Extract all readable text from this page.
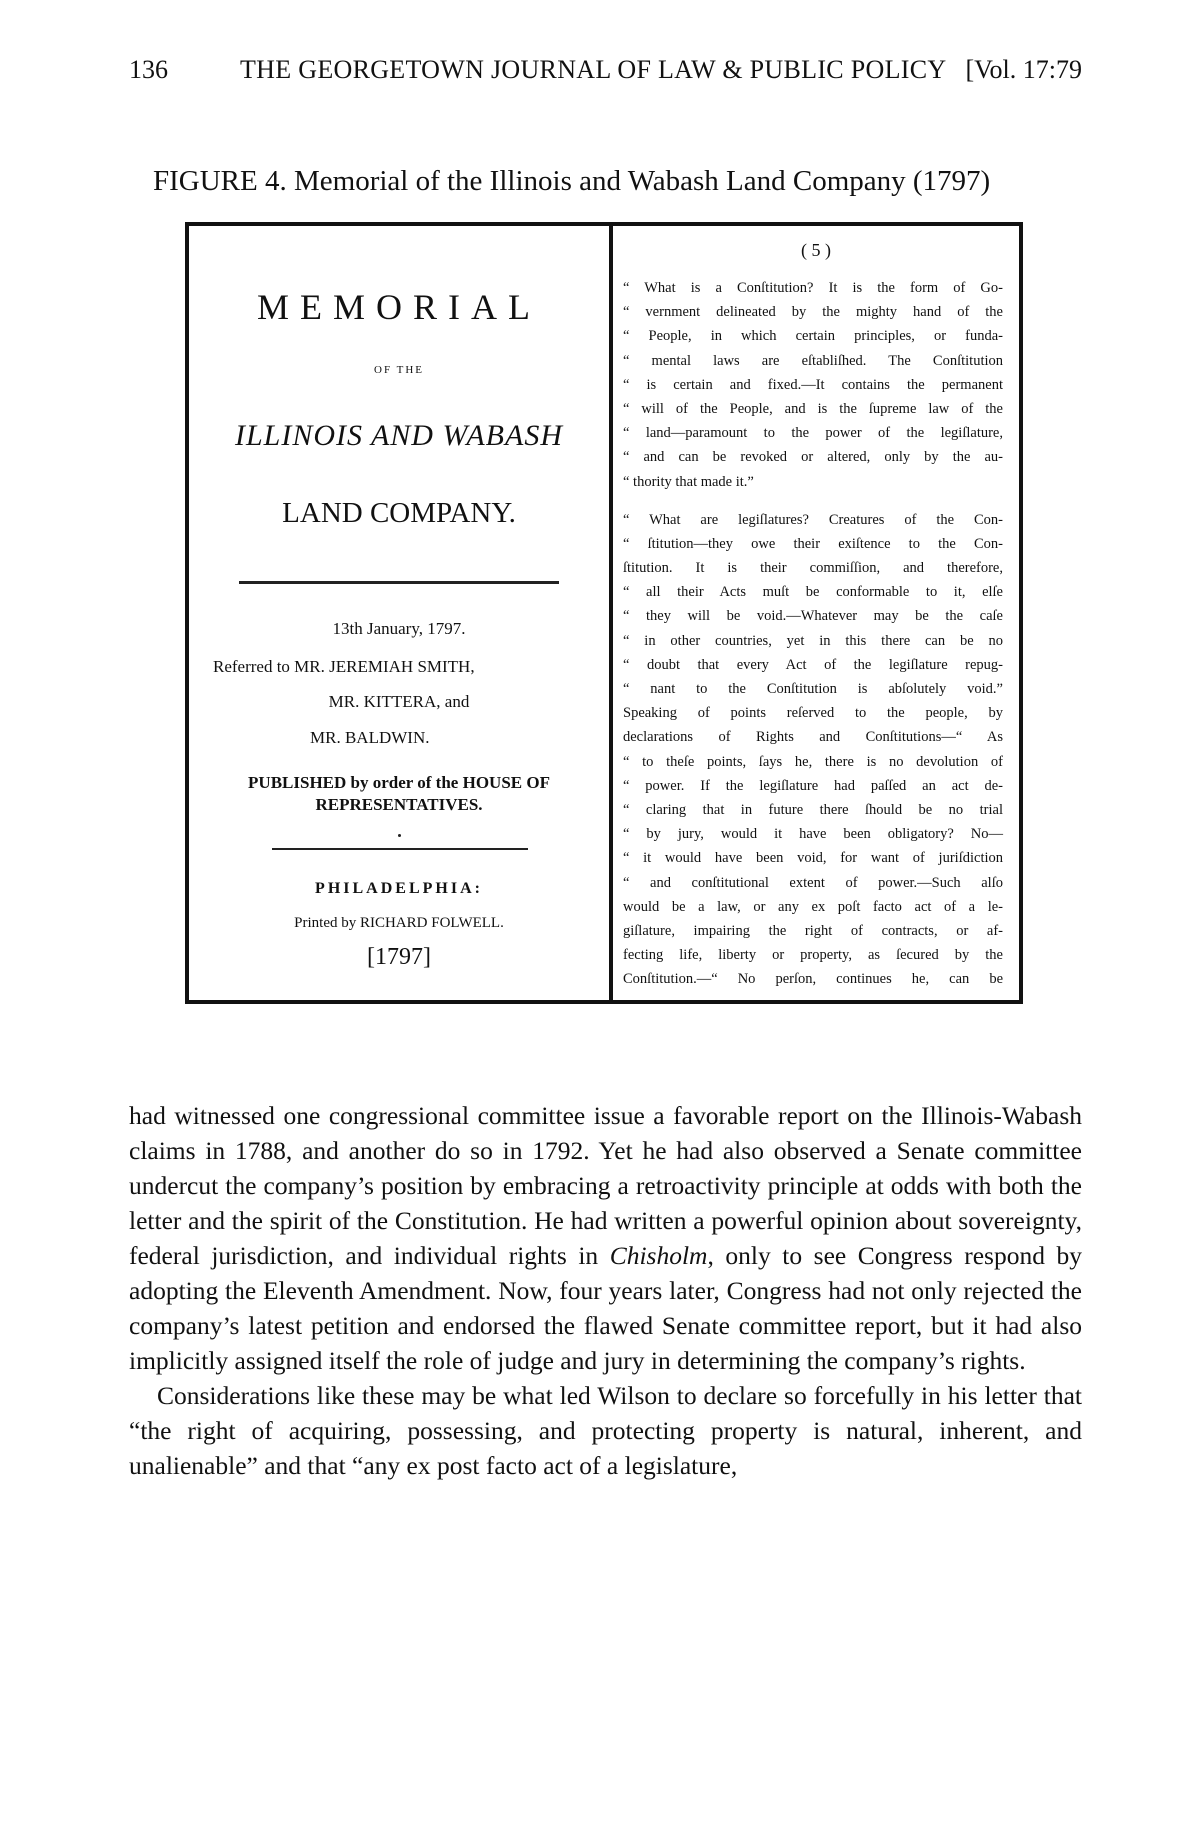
136	THE GEORGETOWN JOURNAL OF LAW & PUBLIC POLICY [Vol. 17:79
FIGURE 4. Memorial of the Illinois and Wabash Land Company (1797)
MEMORIAL
OF THE
ILLINOIS AND WABASH
LAND COMPANY.
13th January, 1797.
Referred to MR. JEREMIAH SMITH,
MR. KITTERA, and
MR. BALDWIN.
PUBLISHED by order of the HOUSE OF
REPRESENTATIVES.
PHILADELPHIA:
Printed by RICHARD FOLWELL.
[1797]
( 5 )
“ What is a Conſtitution? It is the form of Go-
“ vernment delineated by the mighty hand of the
“ People, in which certain principles, or funda-
“ mental laws are eſtabliſhed. The Conſtitution
“ is certain and fixed.—It contains the permanent
“ will of the People, and is the ſupreme law of the
“ land—paramount to the power of the legiſlature,
“ and can be revoked or altered, only by the au-
“ thority that made it.”
“ What are legiſlatures? Creatures of the Con-
“ ſtitution—they owe their exiſtence to the Con-
ſtitution. It is their commiſſion, and therefore,
“ all their Acts muſt be conformable to it, elſe
“ they will be void.—Whatever may be the caſe
“ in other countries, yet in this there can be no
“ doubt that every Act of the legiſlature repug-
“ nant to the Conſtitution is abſolutely void.”
Speaking of points reſerved to the people, by
declarations of Rights and Conſtitutions—“ As
“ to theſe points, ſays he, there is no devolution of
“ power. If the legiſlature had paſſed an act de-
“ claring that in future there ſhould be no trial
“ by jury, would it have been obligatory? No—
“ it would have been void, for want of juriſdiction
“ and conſtitutional extent of power.—Such alſo
would be a law, or any ex poſt facto act of a le-
giſlature, impairing the right of contracts, or af-
fecting life, liberty or property, as ſecured by the
Conſtitution.—“ No perſon, continues he, can be

had witnessed one congressional committee issue a favorable report on the Illinois-Wabash claims in 1788, and another do so in 1792. Yet he had also observed a Senate committee undercut the company’s position by embracing a retroactivity principle at odds with both the letter and the spirit of the Constitution. He had written a powerful opinion about sovereignty, federal jurisdiction, and individual rights in Chisholm, only to see Congress respond by adopting the Eleventh Amendment. Now, four years later, Congress had not only rejected the company’s latest petition and endorsed the flawed Senate committee report, but it had also implicitly assigned itself the role of judge and jury in determining the company’s rights.

Considerations like these may be what led Wilson to declare so forcefully in his letter that “the right of acquiring, possessing, and protecting property is natural, inherent, and unalienable” and that “any ex post facto act of a legislature,
